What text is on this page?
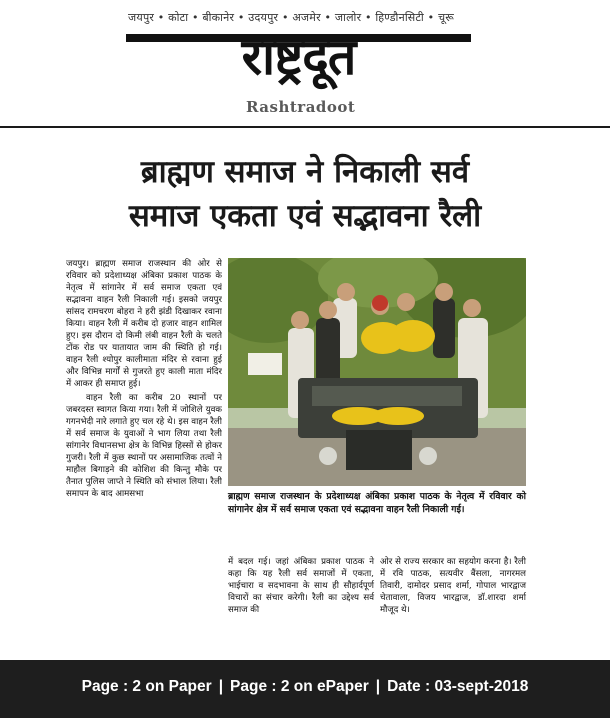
जयपुर • कोटा • बीकानेर • उदयपुर • अजमेर • जालोर • हिण्डौनसिटी • चूरू
राष्ट्रदूत
Rashtradoot

ब्राह्मण समाज ने निकाली सर्व

समाज एकता एवं सद्भावना रैली

जयपुर। ब्राह्मण समाज राजस्थान की ओर से रविवार को प्रदेशाध्यक्ष अंबिका प्रकाश पाठक के नेतृत्व में सांगानेर में सर्व समाज एकता एवं सद्भावना वाहन रैली निकाली गई। इसको जयपुर सांसद रामचरण बोहरा ने हरी झंडी दिखाकर रवाना किया। वाहन रैली में करीब दो हजार वाहन शामिल हुए। इस दौरान दो किमी लंबी वाहन रैली के चलते टोंक रोड पर यातायात जाम की स्थिति हो गई। वाहन रैली श्योपुर कालीमाता मंदिर से रवाना हुई और विभिन्न मार्गों से गुजरते हुए काली माता मंदिर में आकर ही समाप्त हुई।

वाहन रैली का करीब 20 स्थानों पर जबरदस्त स्वागत किया गया। रैली में जोशिले युवक गगनभेदी नारे लगाते हुए चल रहे थे। इस वाहन रैली में सर्व समाज के युवाओं ने भाग लिया तथा रैली सांगानेर विधानसभा क्षेत्र के विभिन्न हिस्सों से होकर गुजरी। रैली में कुछ स्थानों पर असामाजिक तत्वों ने माहौल बिगाड़ने की कोशिश की किन्तु मौके पर तैनात पुलिस जाप्ते ने स्थिति को संभाल लिया। रैली समापन के बाद आमसभा	ब्राह्मण समाज राजस्थान के प्रदेशाध्यक्ष अंबिका प्रकाश पाठक के नेतृत्व में रविवार को सांगानेर क्षेत्र में सर्व समाज एकता एवं सद्भावना वाहन रैली निकाली गई।

में बदल गई। जहां अंबिका प्रकाश पाठक ने कहा कि यह रैली सर्व समाजों में एकता, भाईचारा व सदभावना के साथ ही सौहार्दपूर्ण विचारों का संचार करेगी। रैली का उद्देश्य सर्व समाज की

ओर से राज्य सरकार का सहयोग करना है। रैली में रवि पाठक, सत्यवीर बैंसला, नागरमल तिवारी, दामोदर प्रसाद शर्मा, गोपाल भारद्वाज चेतावाला, विजय भारद्वाज, डॉ.शारदा शर्मा मौजूद थे।

Page : 2 on Paper | Page : 2 on ePaper | Date : 03-sept-2018
